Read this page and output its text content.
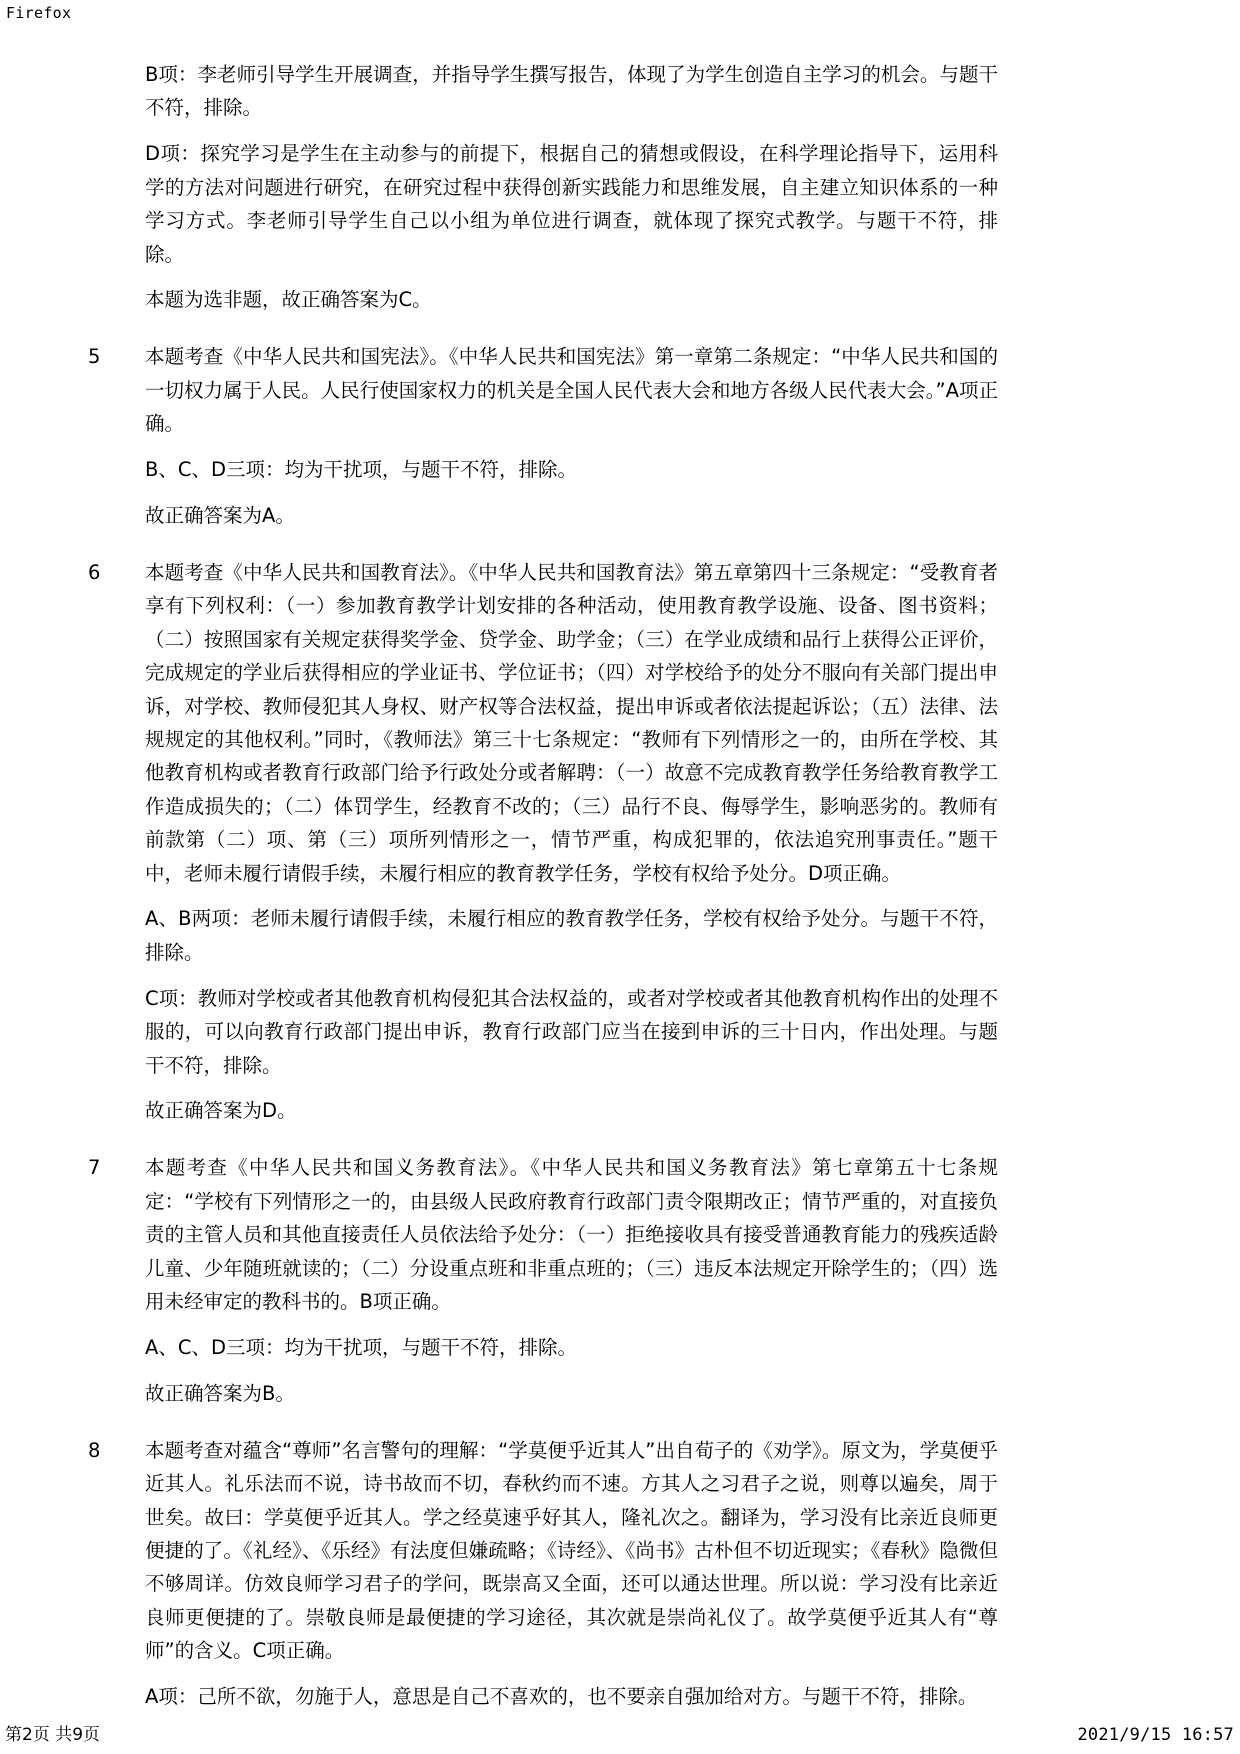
Firefox
B项：李老师引导学生开展调查，并指导学生撰写报告，体现了为学生创造自主学习的机会。与题干不符，排除。
D项：探究学习是学生在主动参与的前提下，根据自己的猜想或假设，在科学理论指导下，运用科学的方法对问题进行研究，在研究过程中获得创新实践能力和思维发展，自主建立知识体系的一种学习方式。李老师引导学生自己以小组为单位进行调查，就体现了探究式教学。与题干不符，排除。
本题为选非题，故正确答案为C。
5	本题考查《中华人民共和国宪法》。《中华人民共和国宪法》第一章第二条规定：“中华人民共和国的一切权力属于人民。人民行使国家权力的机关是全国人民代表大会和地方各级人民代表大会。”A项正确。
B、C、D三项：均为干扰项，与题干不符，排除。
故正确答案为A。
6	本题考查《中华人民共和国教育法》。《中华人民共和国教育法》第五章第四十三条规定：“受教育者享有下列权利：（一）参加教育教学计划安排的各种活动，使用教育教学设施、设备、图书资料；（二）按照国家有关规定获得奖学金、贷学金、助学金；（三）在学业成绩和品行上获得公正评价，完成规定的学业后获得相应的学业证书、学位证书；（四）对学校给予的处分不服向有关部门提出申诉，对学校、教师侵犯其人身权、财产权等合法权益，提出申诉或者依法提起诉讼；（五）法律、法规规定的其他权利。”同时，《教师法》第三十七条规定：“教师有下列情形之一的，由所在学校、其他教育机构或者教育行政部门给予行政处分或者解聘：（一）故意不完成教育教学任务给教育教学工作造成损失的；（二）体罚学生，经教育不改的；（三）品行不良、侮辱学生，影响恶劣的。教师有前款第（二）项、第（三）项所列情形之一，情节严重，构成犯罪的，依法追究刑事责任。”题干中，老师未履行请假手续，未履行相应的教育教学任务，学校有权给予处分。D项正确。
A、B两项：老师未履行请假手续，未履行相应的教育教学任务，学校有权给予处分。与题干不符，排除。
C项：教师对学校或者其他教育机构侵犯其合法权益的，或者对学校或者其他教育机构作出的处理不服的，可以向教育行政部门提出申诉，教育行政部门应当在接到申诉的三十日内，作出处理。与题干不符，排除。
故正确答案为D。
7	本题考查《中华人民共和国义务教育法》。《中华人民共和国义务教育法》第七章第五十七条规定：“学校有下列情形之一的，由县级人民政府教育行政部门责令限期改正；情节严重的，对直接负责的主管人员和其他直接责任人员依法给予处分：（一）拒绝接收具有接受普通教育能力的残疾适龄儿童、少年随班就读的；（二）分设重点班和非重点班的；（三）违反本法规定开除学生的；（四）选用未经审定的教科书的。B项正确。
A、C、D三项：均为干扰项，与题干不符，排除。
故正确答案为B。
8	本题考查对蕴含“尊师”名言警句的理解：“学莫便乎近其人”出自荀子的《劝学》。原文为，学莫便乎近其人。礼乐法而不说，诗书故而不切，春秋约而不速。方其人之习君子之说，则尊以遍矣，周于世矣。故曰：学莫便乎近其人。学之经莫速乎好其人，隆礼次之。翻译为，学习没有比亲近良师更便捷的了。《礼经》、《乐经》有法度但嫌疏略；《诗经》、《尚书》古朴但不切近现实；《春秋》隐微但不够周详。仿效良师学习君子的学问，既崇高又全面，还可以通达世理。所以说：学习没有比亲近良师更便捷的了。崇敬良师是最便捷的学习途径，其次就是崇尚礼仪了。故学莫便乎近其人有“尊师”的含义。C项正确。
A项：己所不欲，勿施于人，意思是自己不喜欢的，也不要亲自强加给对方。与题干不符，排除。
第2页 共9页	2021/9/15 16:57
